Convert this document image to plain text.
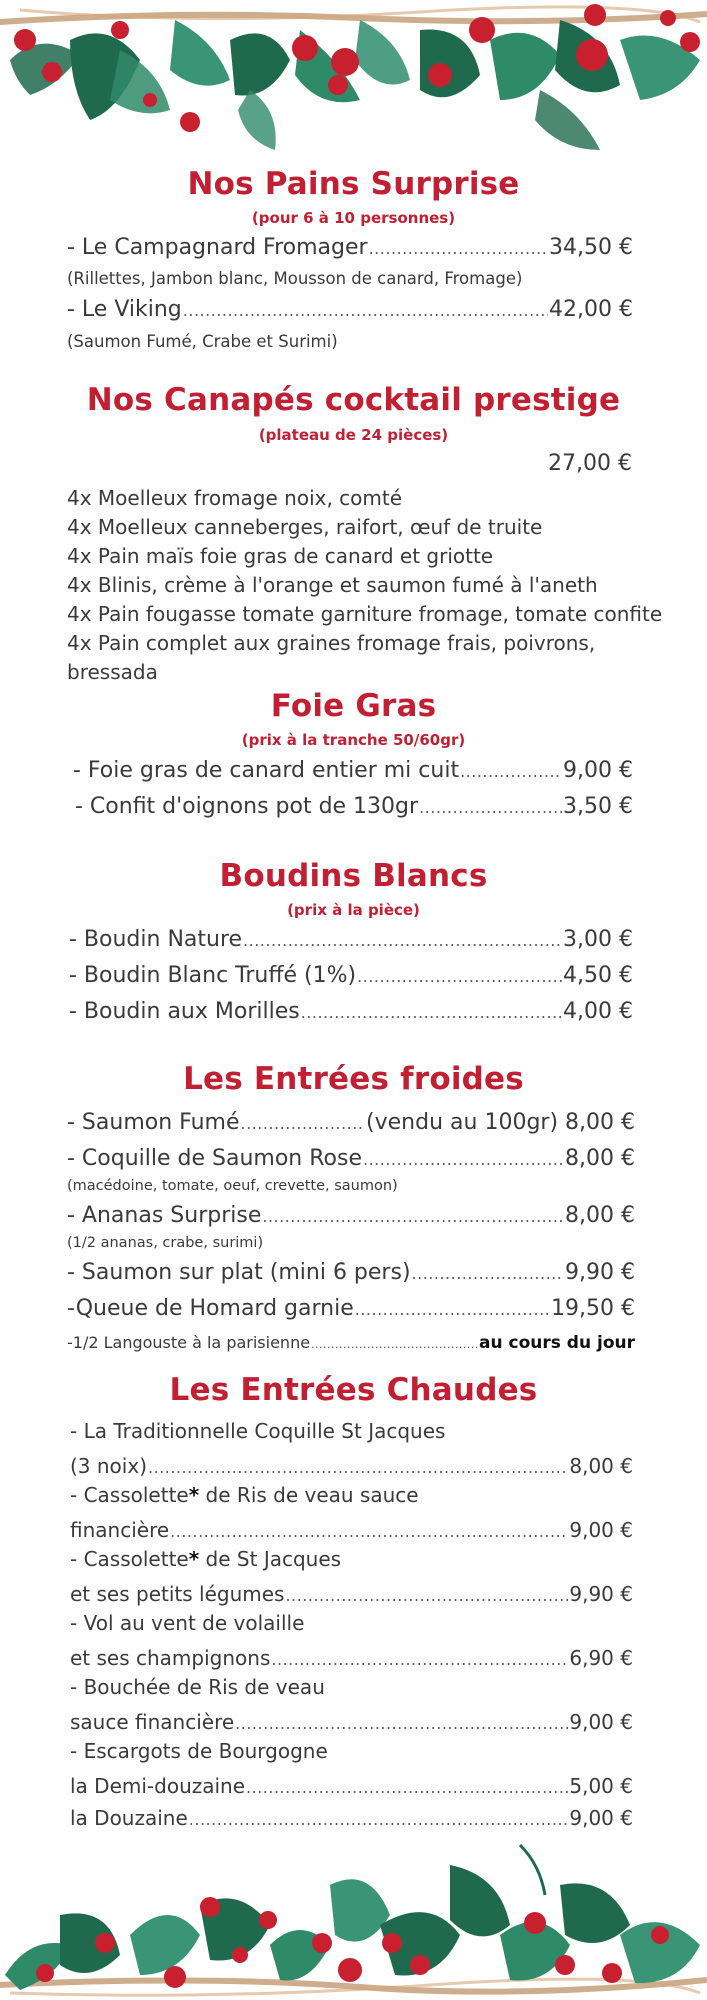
Nos Pains Surprise
(pour 6 à 10 personnes)
- Le Campagnard Fromager .....	34,50 €
(Rillettes, Jambon blanc, Mousson de canard, Fromage)
- Le Viking .....	42,00 €
(Saumon Fumé, Crabe et Surimi)
Nos Canapés cocktail prestige
(plateau de 24 pièces)
27,00 €
4x Moelleux fromage noix, comté
4x Moelleux canneberges, raifort, œuf de truite
4x Pain maïs foie gras de canard et griotte
4x Blinis, crème à l'orange et saumon fumé à l'aneth
4x Pain fougasse tomate garniture fromage, tomate confite
4x Pain complet aux graines fromage frais, poivrons,
bressada
Foie Gras
(prix à la tranche 50/60gr)
- Foie gras de canard entier mi cuit .....	9,00 €
- Confit d'oignons pot de 130gr .....	3,50 €
Boudins Blancs
(prix à la pièce)
- Boudin Nature .....	3,00 €
- Boudin Blanc Truffé (1%) .....	4,50 €
- Boudin aux Morilles .....	4,00 €
Les Entrées froides
- Saumon Fumé .....	(vendu au 100gr) 8,00 €
- Coquille de Saumon Rose .....	8,00 €
(macédoine, tomate, oeuf, crevette, saumon)
- Ananas Surprise .....	8,00 €
(1/2 ananas, crabe, surimi)
- Saumon sur plat (mini 6 pers) .....	9,90 €
-Queue de Homard garnie .....	19,50 €
-1/2 Langouste à la parisienne .....	au cours du jour
Les Entrées Chaudes
- La Traditionnelle Coquille St Jacques
(3 noix) .....	8,00 €
- Cassolette* de Ris de veau sauce
financière .....	9,00 €
- Cassolette* de St Jacques
et ses petits légumes .....	9,90 €
- Vol au vent de volaille
et ses champignons .....	6,90 €
- Bouchée de Ris de veau
sauce financière .....	9,00 €
- Escargots de Bourgogne
la Demi-douzaine .....	5,00 €
la Douzaine .....	9,00 €
